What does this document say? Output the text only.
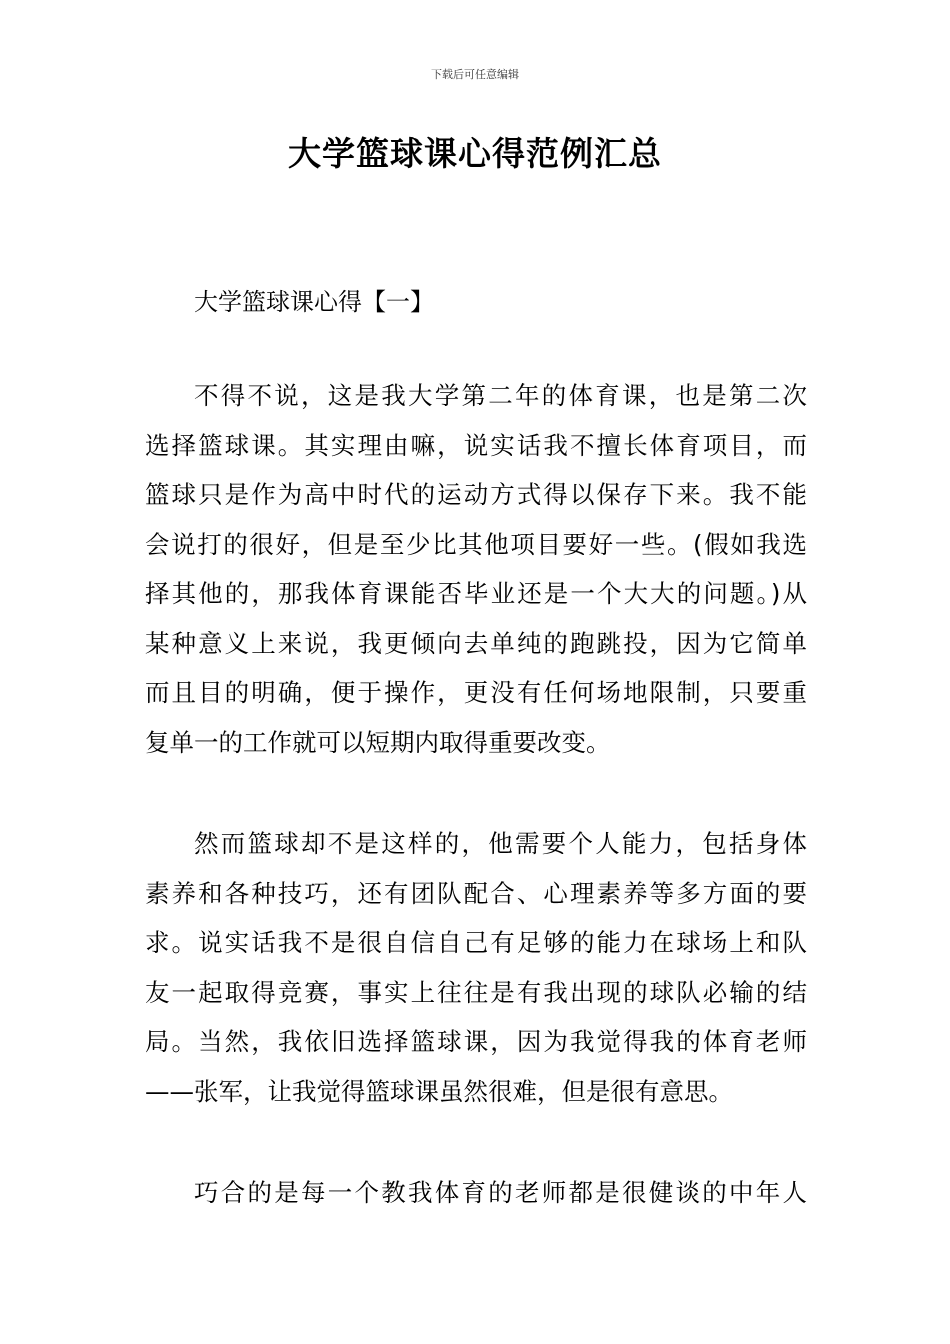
下载后可任意编辑
大学篮球课心得范例汇总
大学篮球课心得【一】
不得不说，这是我大学第二年的体育课，也是第二次
选择篮球课。其实理由嘛，说实话我不擅长体育项目，而
篮球只是作为高中时代的运动方式得以保存下来。我不能
会说打的很好，但是至少比其他项目要好一些。(假如我选
择其他的，那我体育课能否毕业还是一个大大的问题。)从
某种意义上来说，我更倾向去单纯的跑跳投，因为它简单
而且目的明确，便于操作，更没有任何场地限制，只要重
复单一的工作就可以短期内取得重要改变。
然而篮球却不是这样的，他需要个人能力，包括身体
素养和各种技巧，还有团队配合、心理素养等多方面的要
求。说实话我不是很自信自己有足够的能力在球场上和队
友一起取得竞赛，事实上往往是有我出现的球队必输的结
局。当然，我依旧选择篮球课，因为我觉得我的体育老师
——张军，让我觉得篮球课虽然很难，但是很有意思。
巧合的是每一个教我体育的老师都是很健谈的中年人
